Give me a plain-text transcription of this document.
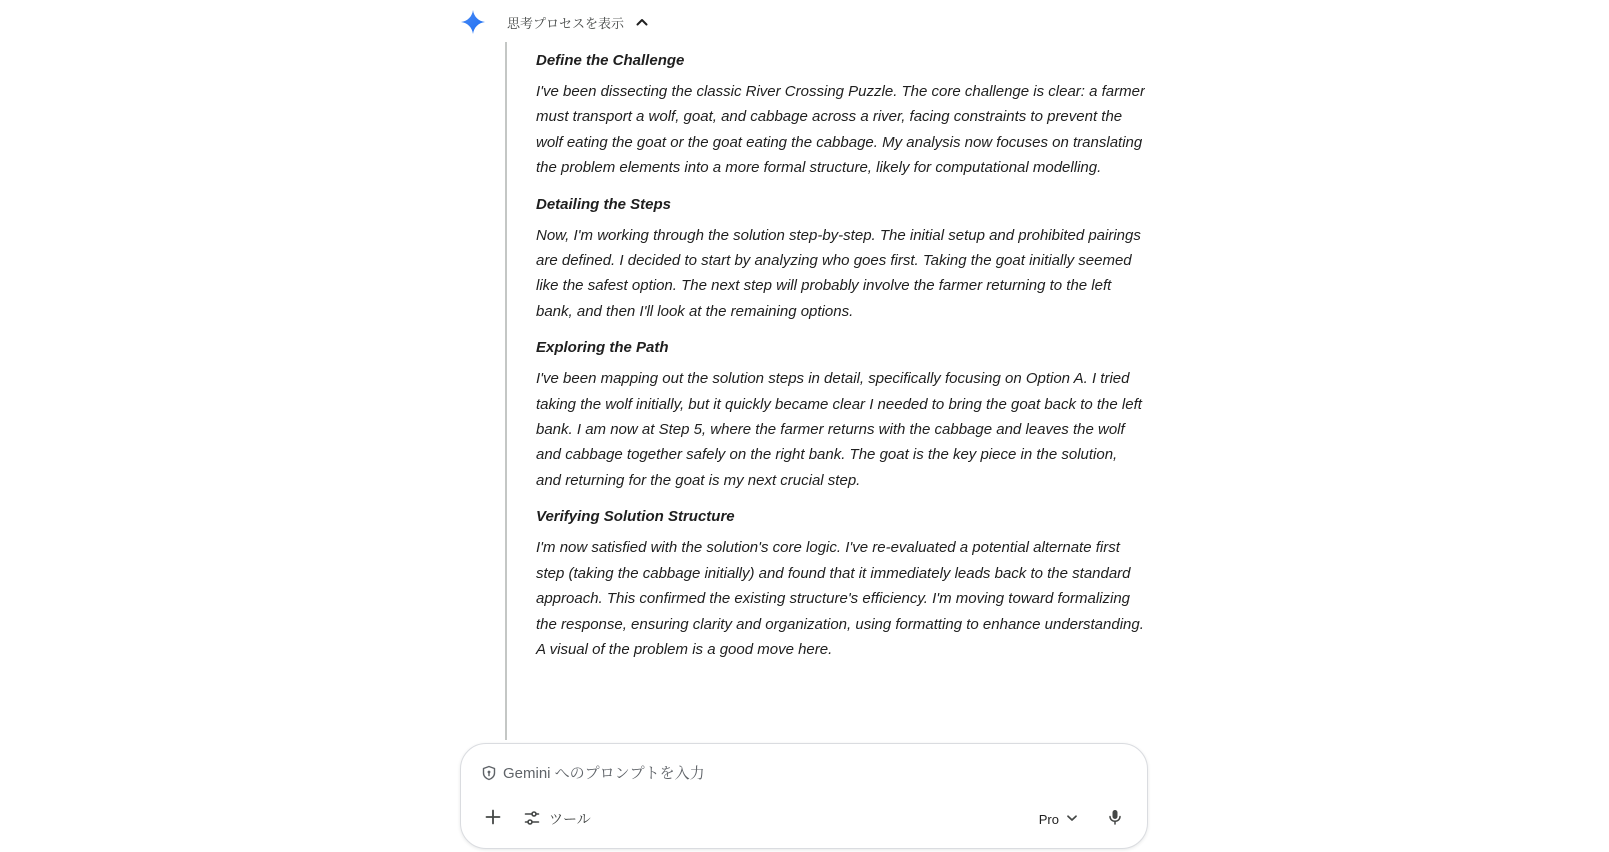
思考プロセスを表示

Define the Challenge

I've been dissecting the classic River Crossing Puzzle. The core challenge is clear: a farmer must transport a wolf, goat, and cabbage across a river, facing constraints to prevent the wolf eating the goat or the goat eating the cabbage. My analysis now focuses on translating the problem elements into a more formal structure, likely for computational modelling.

Detailing the Steps

Now, I'm working through the solution step-by-step. The initial setup and prohibited pairings are defined. I decided to start by analyzing who goes first. Taking the goat initially seemed like the safest option. The next step will probably involve the farmer returning to the left bank, and then I'll look at the remaining options.

Exploring the Path

I've been mapping out the solution steps in detail, specifically focusing on Option A. I tried taking the wolf initially, but it quickly became clear I needed to bring the goat back to the left bank. I am now at Step 5, where the farmer returns with the cabbage and leaves the wolf and cabbage together safely on the right bank. The goat is the key piece in the solution, and returning for the goat is my next crucial step.

Verifying Solution Structure

I'm now satisfied with the solution's core logic. I've re-evaluated a potential alternate first step (taking the cabbage initially) and found that it immediately leads back to the standard approach. This confirmed the existing structure's efficiency. I'm moving toward formalizing the response, ensuring clarity and organization, using formatting to enhance understanding. A visual of the problem is a good move here.

Gemini へのプロンプトを入力
ツール	Pro
